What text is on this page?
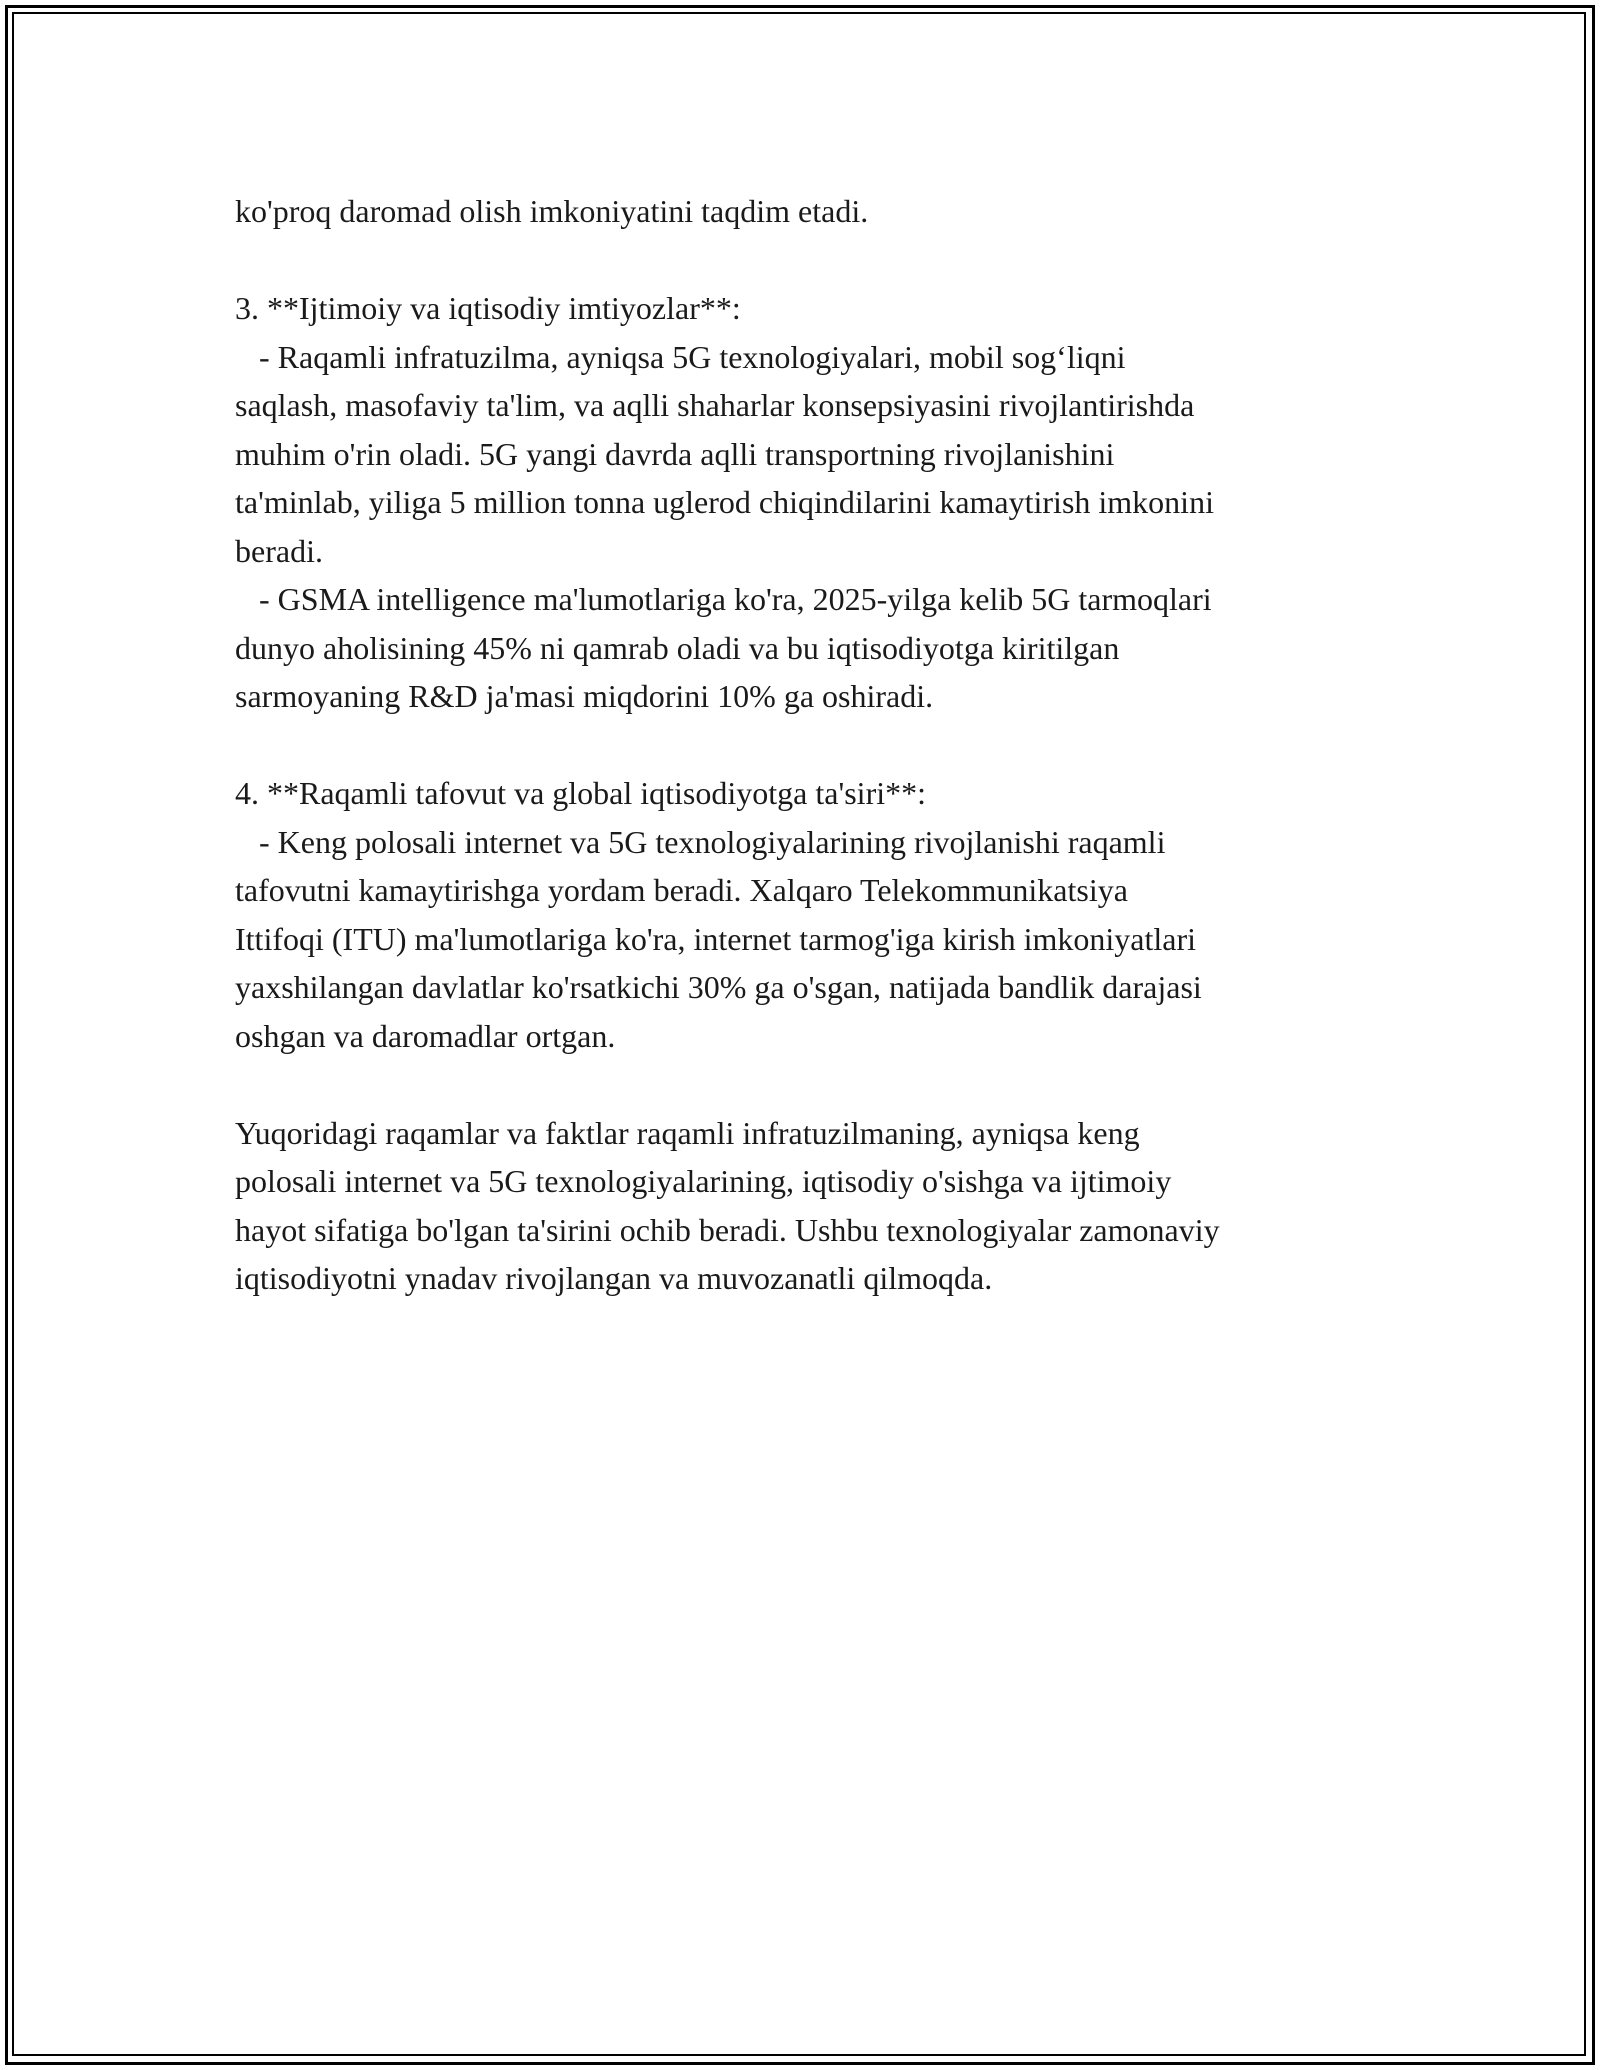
ko'proq daromad olish imkoniyatini taqdim etadi.
3. **Ijtimoiy va iqtisodiy imtiyozlar**:
- Raqamli infratuzilma, ayniqsa 5G texnologiyalari, mobil sog‘liqni
saqlash, masofaviy ta'lim, va aqlli shaharlar konsepsiyasini rivojlantirishda
muhim o'rin oladi. 5G yangi davrda aqlli transportning rivojlanishini
ta'minlab, yiliga 5 million tonna uglerod chiqindilarini kamaytirish imkonini
beradi.
- GSMA intelligence ma'lumotlariga ko'ra, 2025-yilga kelib 5G tarmoqlari
dunyo aholisining 45% ni qamrab oladi va bu iqtisodiyotga kiritilgan
sarmoyaning R&D ja'masi miqdorini 10% ga oshiradi.
4. **Raqamli tafovut va global iqtisodiyotga ta'siri**:
- Keng polosali internet va 5G texnologiyalarining rivojlanishi raqamli
tafovutni kamaytirishga yordam beradi. Xalqaro Telekommunikatsiya
Ittifoqi (ITU) ma'lumotlariga ko'ra, internet tarmog'iga kirish imkoniyatlari
yaxshilangan davlatlar ko'rsatkichi 30% ga o'sgan, natijada bandlik darajasi
oshgan va daromadlar ortgan.
Yuqoridagi raqamlar va faktlar raqamli infratuzilmaning, ayniqsa keng
polosali internet va 5G texnologiyalarining, iqtisodiy o'sishga va ijtimoiy
hayot sifatiga bo'lgan ta'sirini ochib beradi. Ushbu texnologiyalar zamonaviy
iqtisodiyotni ynadav rivojlangan va muvozanatli qilmoqda.
